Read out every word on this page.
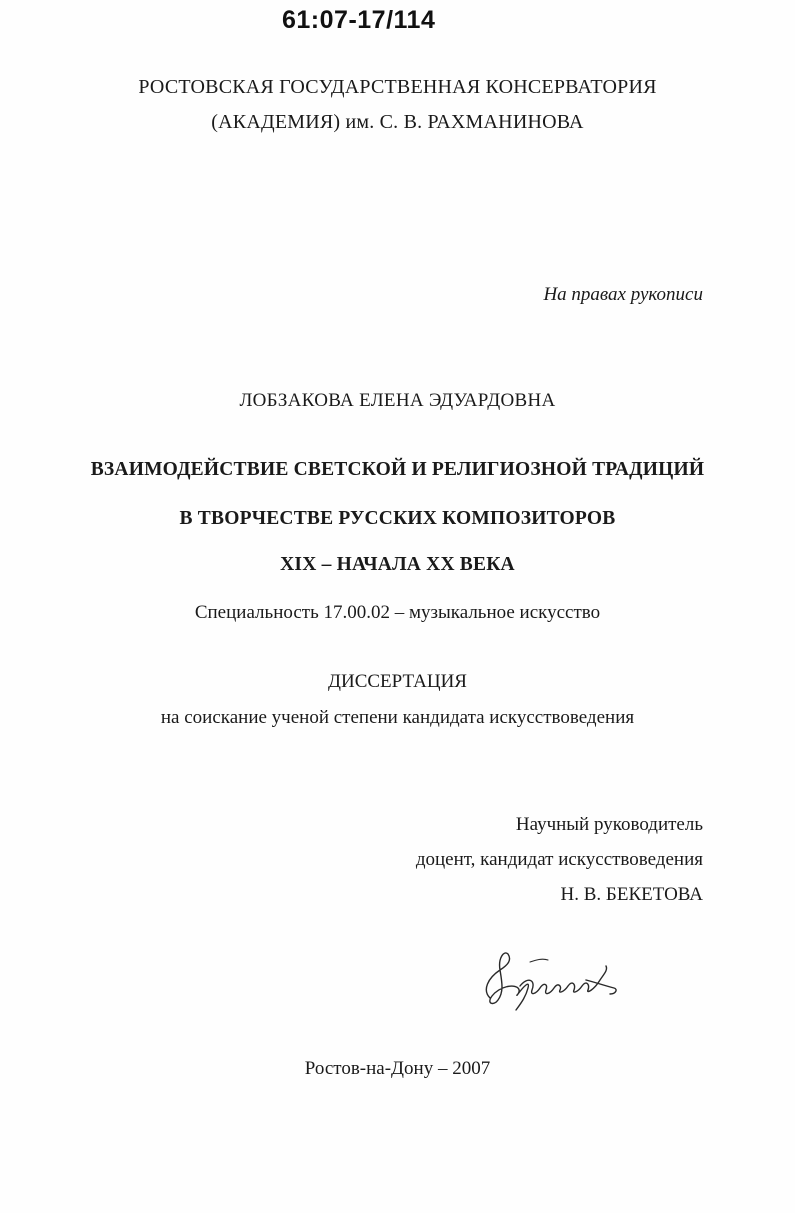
61:07-17/114
РОСТОВСКАЯ ГОСУДАРСТВЕННАЯ КОНСЕРВАТОРИЯ
(АКАДЕМИЯ) им. С. В. РАХМАНИНОВА
На правах рукописи
ЛОБЗАКОВА ЕЛЕНА ЭДУАРДОВНА
ВЗАИМОДЕЙСТВИЕ СВЕТСКОЙ И РЕЛИГИОЗНОЙ ТРАДИЦИЙ
В ТВОРЧЕСТВЕ РУССКИХ КОМПОЗИТОРОВ
XIX – НАЧАЛА XX ВЕКА
Специальность 17.00.02 – музыкальное искусство
ДИССЕРТАЦИЯ
на соискание ученой степени кандидата искусствоведения
Научный руководитель
доцент, кандидат искусствоведения
Н. В. БЕКЕТОВА
Ростов-на-Дону – 2007
